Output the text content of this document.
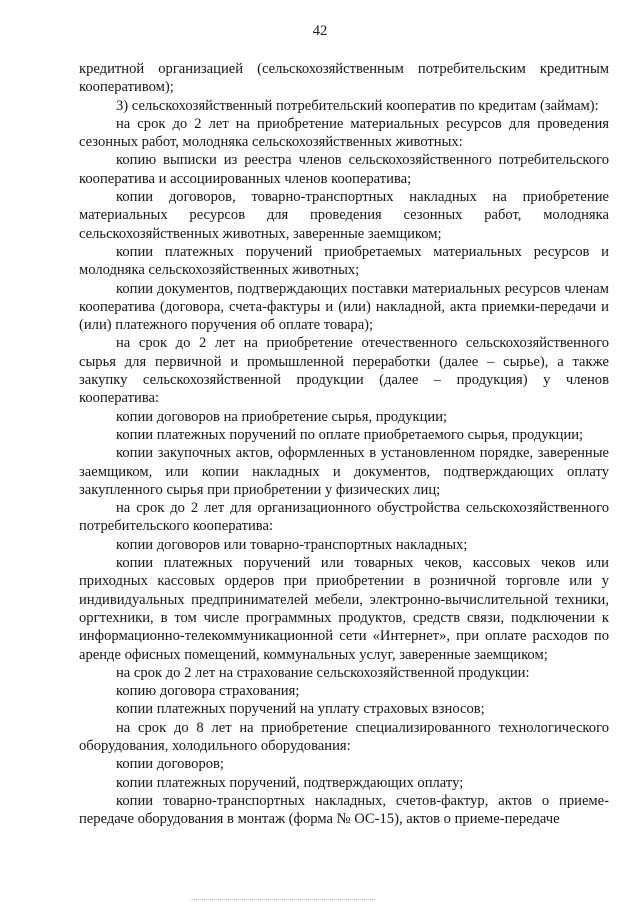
42

кредитной организацией (сельскохозяйственным потребительским кредитным кооперативом);

3) сельскохозяйственный потребительский кооператив по кредитам (займам):

на срок до 2 лет на приобретение материальных ресурсов для проведения сезонных работ, молодняка сельскохозяйственных животных:

копию выписки из реестра членов сельскохозяйственного потребительского кооператива и ассоциированных членов кооператива;

копии договоров, товарно-транспортных накладных на приобретение материальных ресурсов для проведения сезонных работ, молодняка сельскохозяйственных животных, заверенные заемщиком;

копии платежных поручений приобретаемых материальных ресурсов и молодняка сельскохозяйственных животных;

копии документов, подтверждающих поставки материальных ресурсов членам кооператива (договора, счета-фактуры и (или) накладной, акта приемки-передачи и (или) платежного поручения об оплате товара);

на срок до 2 лет на приобретение отечественного сельскохозяйственного сырья для первичной и промышленной переработки (далее – сырье), а также закупку сельскохозяйственной продукции (далее – продукция) у членов кооператива:

копии договоров на приобретение сырья, продукции;

копии платежных поручений по оплате приобретаемого сырья, продукции;

копии закупочных актов, оформленных в установленном порядке, заверенные заемщиком, или копии накладных и документов, подтверждающих оплату закупленного сырья при приобретении у физических лиц;

на срок до 2 лет для организационного обустройства сельскохозяйственного потребительского кооператива:

копии договоров или товарно-транспортных накладных;

копии платежных поручений или товарных чеков, кассовых чеков или приходных кассовых ордеров при приобретении в розничной торговле или у индивидуальных предпринимателей мебели, электронно-вычислительной техники, оргтехники, в том числе программных продуктов, средств связи, подключении к информационно-телекоммуникационной сети «Интернет», при оплате расходов по аренде офисных помещений, коммунальных услуг, заверенные заемщиком;

на срок до 2 лет на страхование сельскохозяйственной продукции:

копию договора страхования;

копии платежных поручений на уплату страховых взносов;

на срок до 8 лет на приобретение специализированного технологического оборудования, холодильного оборудования:

копии договоров;

копии платежных поручений, подтверждающих оплату;

копии товарно-транспортных накладных, счетов-фактур, актов о приеме-передаче оборудования в монтаж (форма № ОС-15), актов о приеме-передаче
